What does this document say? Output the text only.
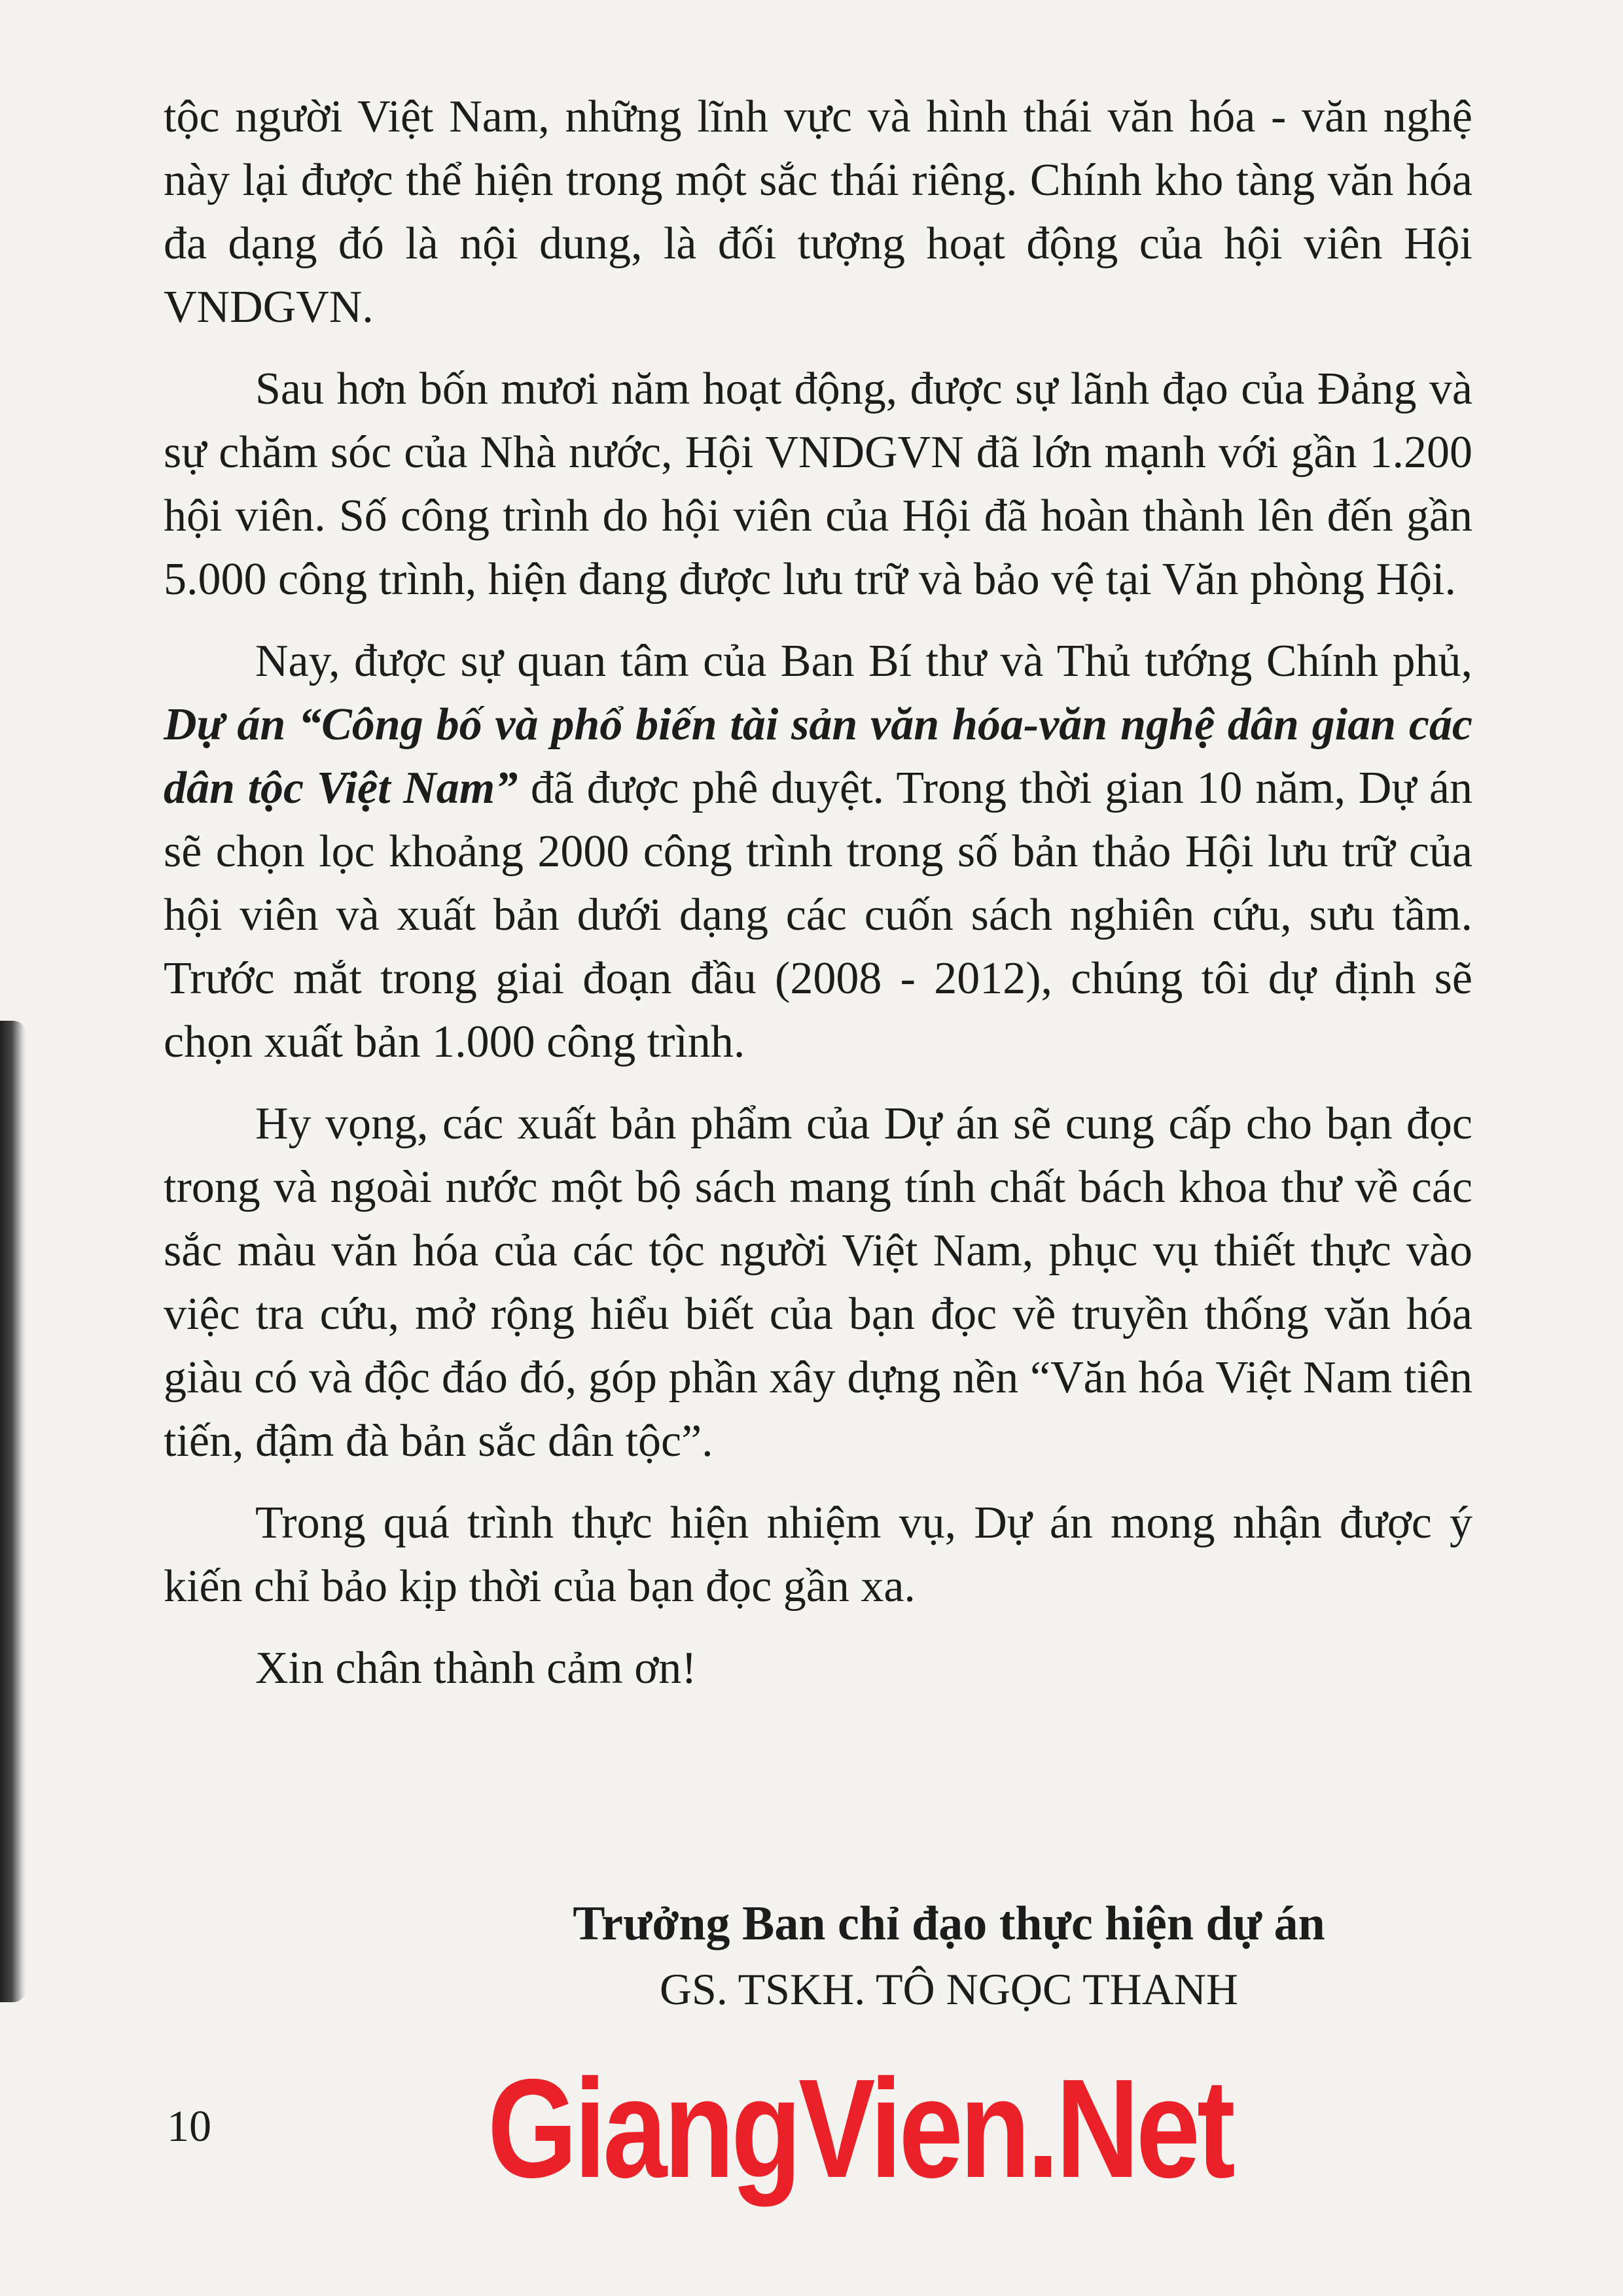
tộc người Việt Nam, những lĩnh vực và hình thái văn hóa - văn nghệ này lại được thể hiện trong một sắc thái riêng. Chính kho tàng văn hóa đa dạng đó là nội dung, là đối tượng hoạt động của hội viên Hội VNDGVN.

Sau hơn bốn mươi năm hoạt động, được sự lãnh đạo của Đảng và sự chăm sóc của Nhà nước, Hội VNDGVN đã lớn mạnh với gần 1.200 hội viên. Số công trình do hội viên của Hội đã hoàn thành lên đến gần 5.000 công trình, hiện đang được lưu trữ và bảo vệ tại Văn phòng Hội.

Nay, được sự quan tâm của Ban Bí thư và Thủ tướng Chính phủ, Dự án “Công bố và phổ biến tài sản văn hóa-văn nghệ dân gian các dân tộc Việt Nam” đã được phê duyệt. Trong thời gian 10 năm, Dự án sẽ chọn lọc khoảng 2000 công trình trong số bản thảo Hội lưu trữ của hội viên và xuất bản dưới dạng các cuốn sách nghiên cứu, sưu tầm. Trước mắt trong giai đoạn đầu (2008 - 2012), chúng tôi dự định sẽ chọn xuất bản 1.000 công trình.

Hy vọng, các xuất bản phẩm của Dự án sẽ cung cấp cho bạn đọc trong và ngoài nước một bộ sách mang tính chất bách khoa thư về các sắc màu văn hóa của các tộc người Việt Nam, phục vụ thiết thực vào việc tra cứu, mở rộng hiểu biết của bạn đọc về truyền thống văn hóa giàu có và độc đáo đó, góp phần xây dựng nền “Văn hóa Việt Nam tiên tiến, đậm đà bản sắc dân tộc”.

Trong quá trình thực hiện nhiệm vụ, Dự án mong nhận được ý kiến chỉ bảo kịp thời của bạn đọc gần xa.

Xin chân thành cảm ơn!

Trưởng Ban chỉ đạo thực hiện dự án
GS. TSKH. TÔ NGỌC THANH
10 GiangVien.Net
